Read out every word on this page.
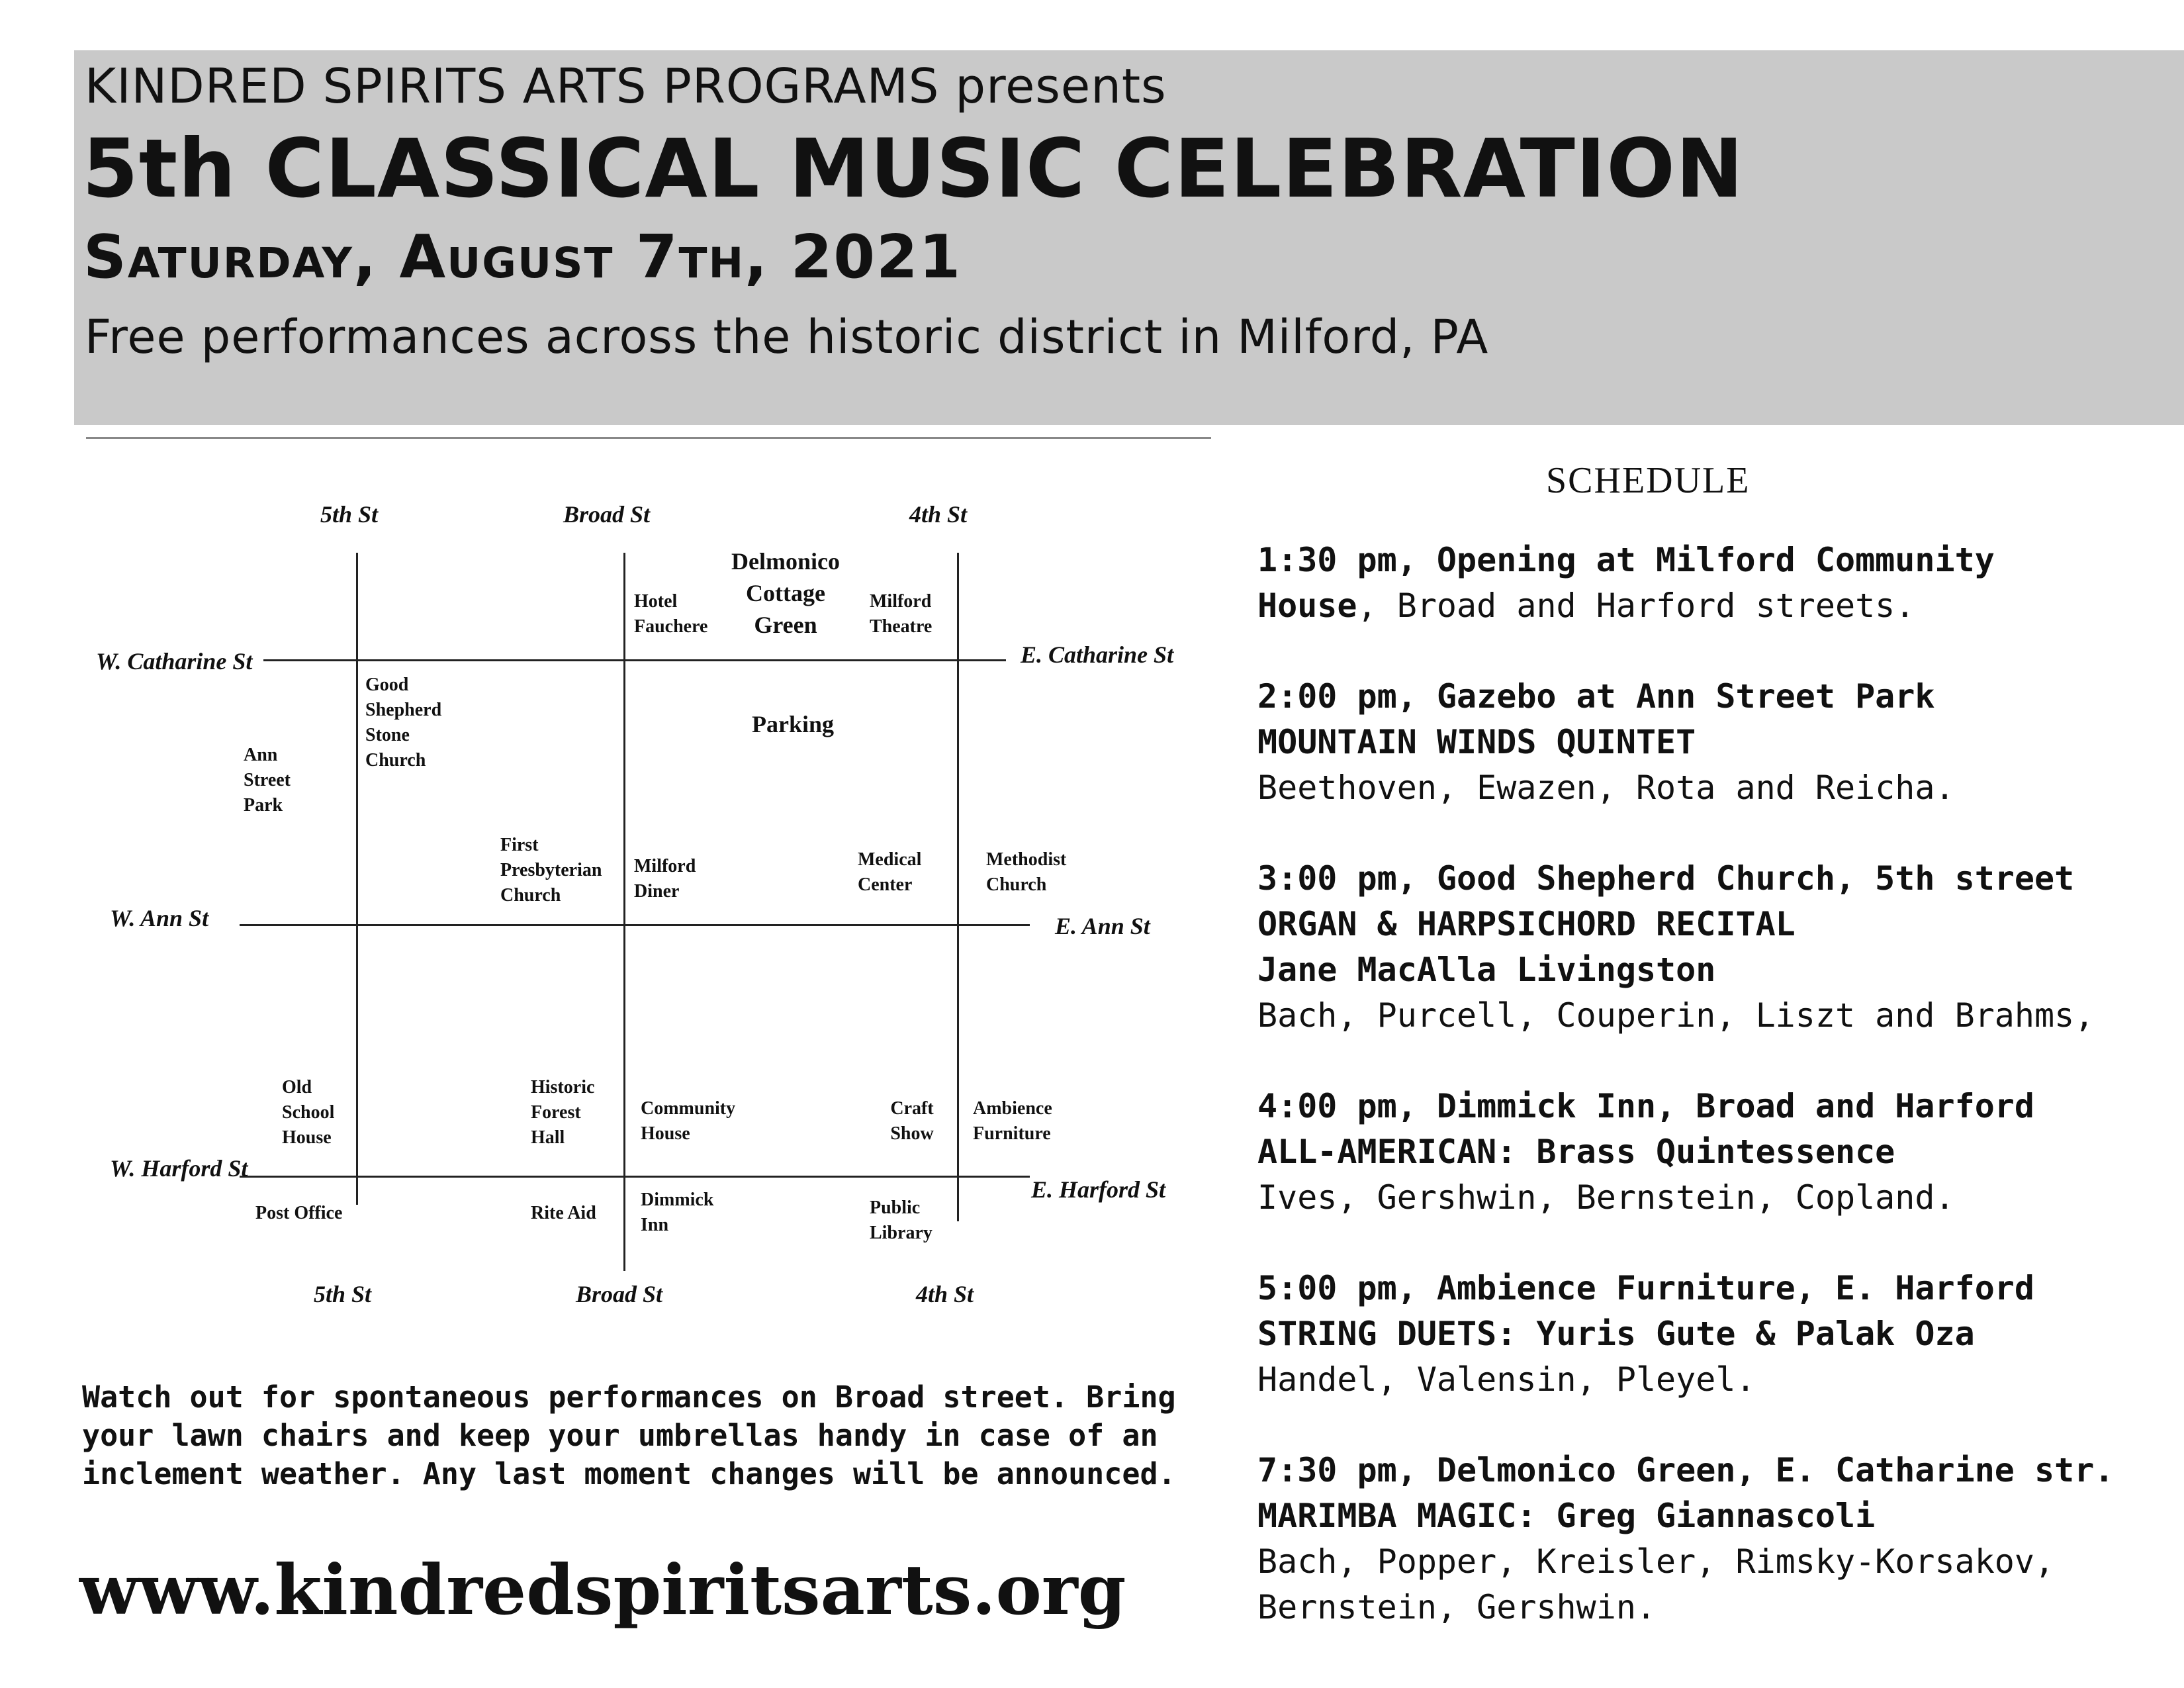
KINDRED SPIRITS ARTS PROGRAMS presents
5th CLASSICAL MUSIC CELEBRATION
Saturday, August 7th, 2021
Free performances across the historic district in Milford, PA
5th St	Broad St	4th St
W. Catharine St	E. Catharine St
W. Ann St	E. Ann St
W. Harford St
E. Harford St
5th St	Broad St	4th St
Hotel
Fauchere
Delmonico
Cottage
Green
Milford
Theatre
Good
Shepherd
Stone
Church
Ann
Street
Park
Parking
First
Presbyterian
Church
Milford
Diner
Medical
Center
Methodist
Church
Old
School
House
Historic
Forest
Hall
Community
House
Craft
Show
Ambience
Furniture
Post Office	Rite Aid
Dimmick
Inn
Public
Library
Watch out for spontaneous performances on Broad street. Bring
your lawn chairs and keep your umbrellas handy in case of an
inclement weather. Any last moment changes will be announced.
www.kindredspiritsarts.org
SCHEDULE
1:30 pm, Opening at Milford Community
House, Broad and Harford streets.
2:00 pm, Gazebo at Ann Street Park
MOUNTAIN WINDS QUINTET
Beethoven, Ewazen, Rota and Reicha.
3:00 pm, Good Shepherd Church, 5th street
ORGAN & HARPSICHORD RECITAL
Jane MacAlla Livingston
Bach, Purcell, Couperin, Liszt and Brahms,
4:00 pm, Dimmick Inn, Broad and Harford
ALL-AMERICAN: Brass Quintessence
Ives, Gershwin, Bernstein, Copland.
5:00 pm, Ambience Furniture, E. Harford
STRING DUETS: Yuris Gute & Palak Oza
Handel, Valensin, Pleyel.
7:30 pm, Delmonico Green, E. Catharine str.
MARIMBA MAGIC: Greg Giannascoli
Bach, Popper, Kreisler, Rimsky-Korsakov,
Bernstein, Gershwin.
